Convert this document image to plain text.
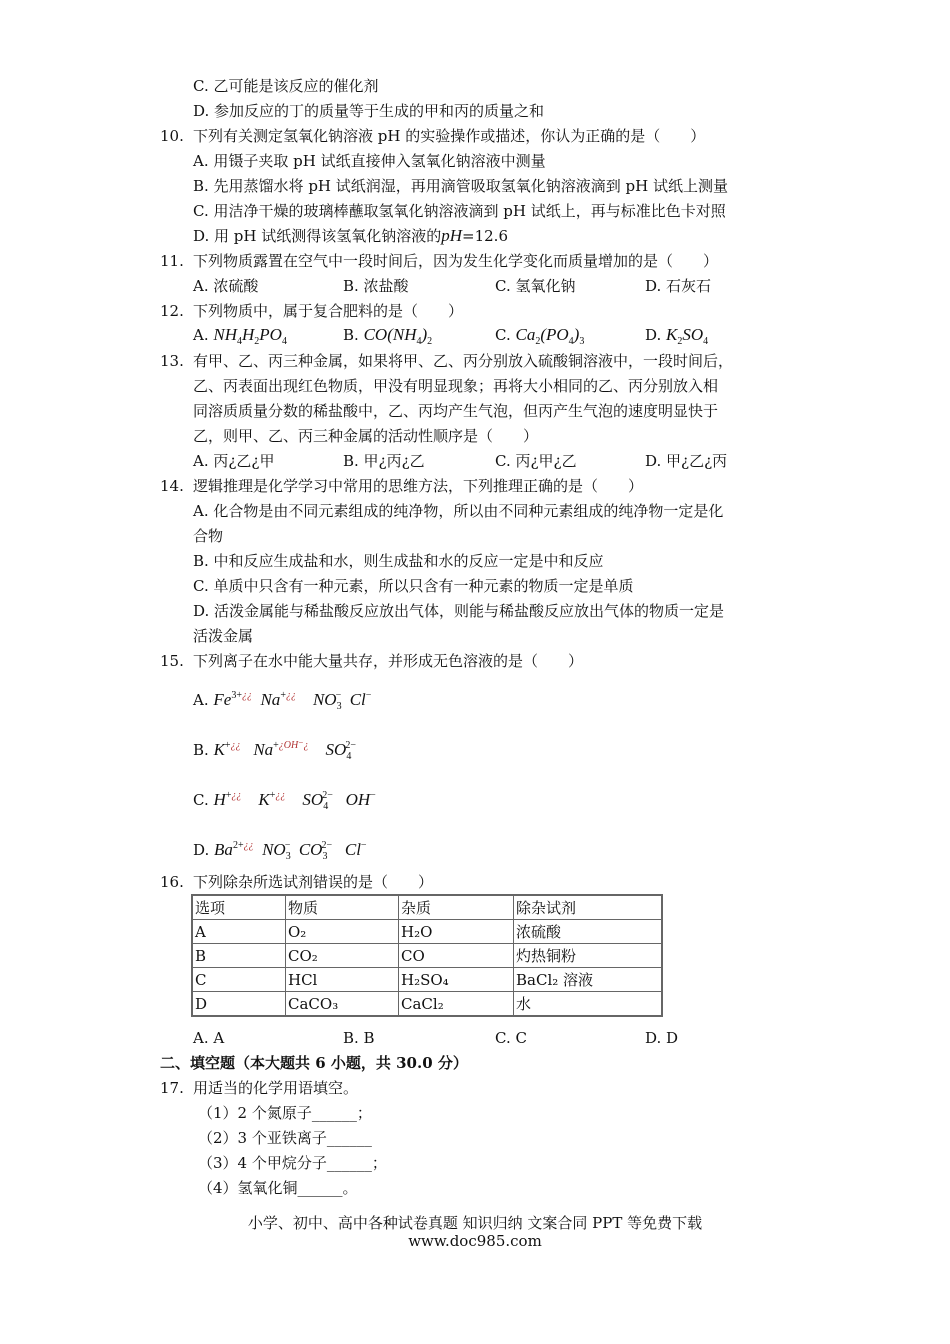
C. 乙可能是该反应的催化剂
D. 参加反应的丁的质量等于生成的甲和丙的质量之和
10. 下列有关测定氢氧化钠溶液 pH 的实验操作或描述，你认为正确的是（　　）
A. 用镊子夹取 pH 试纸直接伸入氢氧化钠溶液中测量
B. 先用蒸馏水将 pH 试纸润湿，再用滴管吸取氢氧化钠溶液滴到 pH 试纸上测量
C. 用洁净干燥的玻璃棒蘸取氢氧化钠溶液滴到 pH 试纸上，再与标准比色卡对照
D. 用 pH 试纸测得该氢氧化钠溶液的pH=12.6
11. 下列物质露置在空气中一段时间后，因为发生化学变化而质量增加的是（　　）
A. 浓硫酸	B. 浓盐酸	C. 氢氧化钠	D. 石灰石
12. 下列物质中，属于复合肥料的是（　　）
A. $NH_4H_2PO_4$	B. $CO(NH_4)_2$	C. $Ca_2(PO_4)_3$	D. $K_2SO_4$
13. 有甲、乙、丙三种金属，如果将甲、乙、丙分别放入硫酸铜溶液中，一段时间后，
乙、丙表面出现红色物质，甲没有明显现象；再将大小相同的乙、丙分别放入相
同溶质质量分数的稀盐酸中，乙、丙均产生气泡，但丙产生气泡的速度明显快于
乙，则甲、乙、丙三种金属的活动性顺序是（　　）
A. 丙¿乙¿甲	B. 甲¿丙¿乙	C. 丙¿甲¿乙	D. 甲¿乙¿丙
14. 逻辑推理是化学学习中常用的思维方法，下列推理正确的是（　　）
A. 化合物是由不同元素组成的纯净物，所以由不同种元素组成的纯净物一定是化
合物
B. 中和反应生成盐和水，则生成盐和水的反应一定是中和反应
C. 单质中只含有一种元素，所以只含有一种元素的物质一定是单质
D. 活泼金属能与稀盐酸反应放出气体，则能与稀盐酸反应放出气体的物质一定是
活泼金属
15. 下列离子在水中能大量共存，并形成无色溶液的是（　　）
A. $Fe^{3+¿¿}$  Na+¿¿    $NO_3^-$  Cl−
B. K+¿¿   $Na^{+¿OH^-¿}$    $SO_4^{2-}$
C. H+¿¿    K+¿¿    $SO_4^{2-}$   OH−
D. $Ba^{2+¿¿}$  $NO_3^-$  $CO_3^{2-}$   Cl−
16. 下列除杂所选试剂错误的是（　　）
选项	物质	杂质	除杂试剂
A	O₂	H₂O	浓硫酸
B	CO₂	CO	灼热铜粉
C	HCl	H₂SO₄	BaCl₂ 溶液
D	CaCO₃	CaCl₂	水
A. A	B. B	C. C	D. D
二、填空题（本大题共 6 小题，共 30.0 分）
17. 用适当的化学用语填空。
（1）2 个氮原子______；
（2）3 个亚铁离子______
（3）4 个甲烷分子______；
（4）氢氧化铜______。
小学、初中、高中各种试卷真题 知识归纳 文案合同 PPT 等免费下载
www.doc985.com
